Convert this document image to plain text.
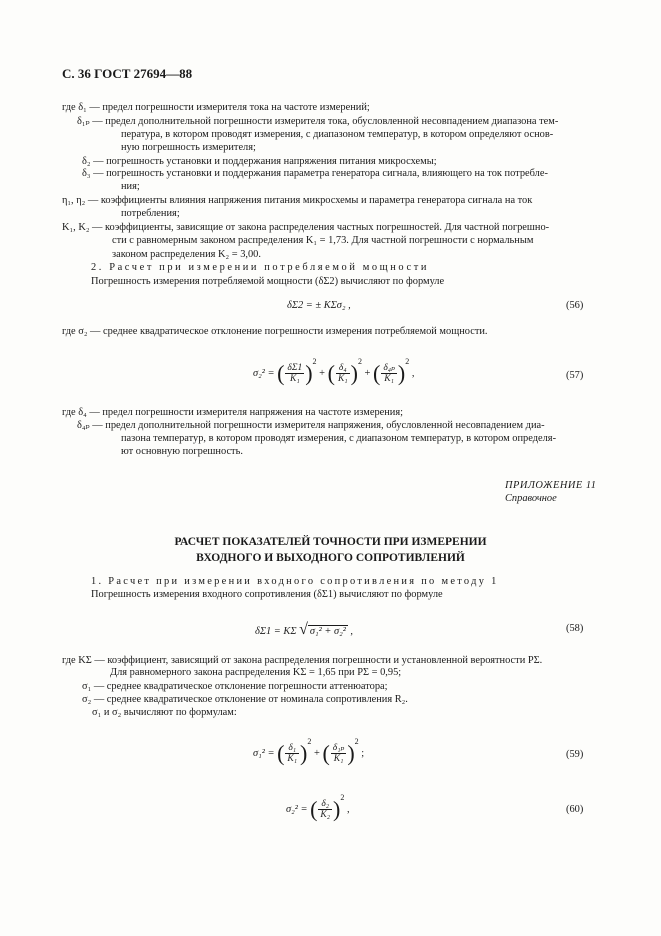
С. 36 ГОСТ 27694—88
где δ₁ — предел погрешности измерителя тока на частоте измерений;
δ₁ₚ — предел дополнительной погрешности измерителя тока, обусловленной несовпадением диапазона тем-
пература, в котором проводят измерения, с диапазоном температур, в котором определяют основ-
ную погрешность измерителя;
δ₂ — погрешность установки и поддержания напряжения питания микросхемы;
δ₃ — погрешность установки и поддержания параметра генератора сигнала, влияющего на ток потребле-
ния;
η₁, η₂ — коэффициенты влияния напряжения питания микросхемы и параметра генератора сигнала на ток
потребления;
K₁, K₂ — коэффициенты, зависящие от закона распределения частных погрешностей. Для частной погрешно-
сти с равномерным законом распределения K₁ = 1,73. Для частной погрешности с нормальным
законом распределения K₂ = 3,00.
2. Расчет при измерении потребляемой мощности
Погрешность измерения потребляемой мощности (δΣ2) вычисляют по формуле
δΣ2 = ± KΣσ₂ ,	(56)
где σ₂ — среднее квадратическое отклонение погрешности измерения потребляемой мощности.
σ₂² = ( $\frac{\delta\Sigma 1}{\text{K₁}} )^2$ + ( $\frac{\text{δ₄}}{\text{K₁}} )^2$ + ( $\frac{\text{δ₄ₚ}}{\text{K₁}} )^2$ ,	(57)
где δ₄ — предел погрешности измерителя напряжения на частоте измерения;
δ₄ₚ — предел дополнительной погрешности измерителя напряжения, обусловленной несовпадением диа-
пазона температур, в котором проводят измерения, с диапазоном температур, в котором определя-
ют основную погрешность.
ПРИЛОЖЕНИЕ 11
Справочное
РАСЧЕТ ПОКАЗАТЕЛЕЙ ТОЧНОСТИ ПРИ ИЗМЕРЕНИИ
ВХОДНОГО И ВЫХОДНОГО СОПРОТИВЛЕНИЙ
1. Расчет при измерении входного сопротивления по методу 1
Погрешность измерения входного сопротивления (δΣ1) вычисляют по формуле
δΣ1 = KΣ √ σ₁² + σ₂² ,	(58)
где KΣ — коэффициент, зависящий от закона распределения погрешности и установленной вероятности PΣ.
Для равномерного закона распределения KΣ = 1,65 при PΣ = 0,95;
σ₁ — среднее квадратическое отклонение погрешности аттенюатора;
σ₂ — среднее квадратическое отклонение от номинала сопротивления R₂.
σ₁ и σ₂ вычисляют по формулам:
σ₁² = ( $\frac{\text{δ₁}}{\text{K₁}} )^2$ + ( $\frac{\text{δ₁ₚ}}{\text{K₁}} )^2$ ;	(59)
σ₂² = ( $\frac{\text{δ₂}}{\text{K₂}} )^2$ ,	(60)
